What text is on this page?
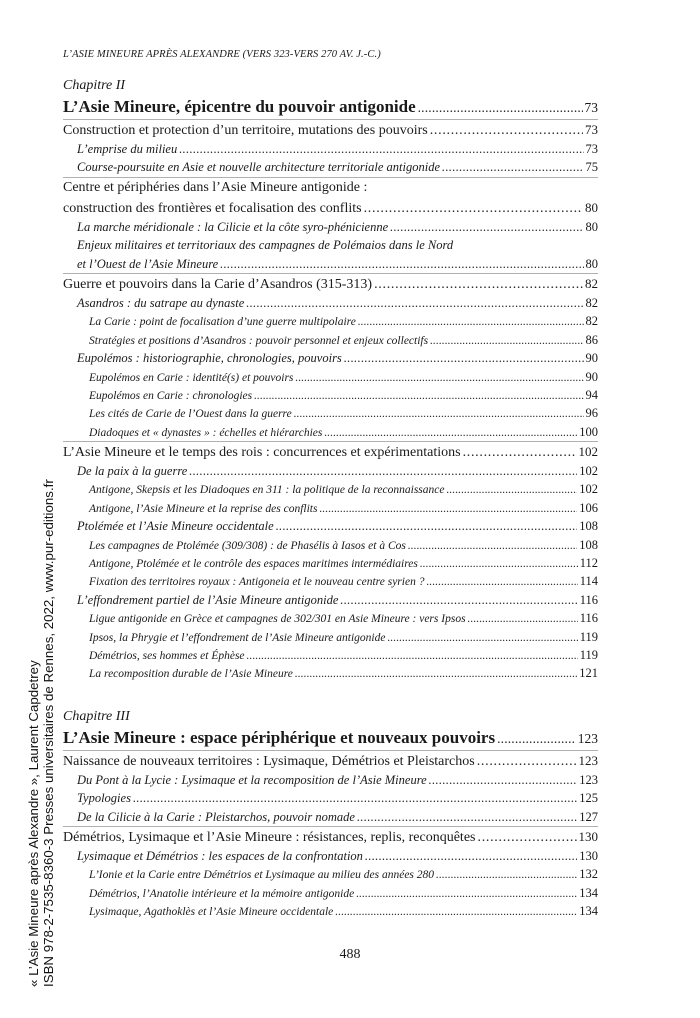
L’ASIE MINEURE APRÈS ALEXANDRE (VERS 323-VERS 270 AV. J.-C.)
Chapitre II
L’Asie Mineure, épicentre du pouvoir antigonide . . .	73
Construction et protection d’un territoire, mutations des pouvoirs . . .	73
L’emprise du milieu . . .	73
Course-poursuite en Asie et nouvelle architecture territoriale antigonide . . .	75
Centre et périphéries dans l’Asie Mineure antigonide :
construction des frontières et focalisation des conflits . . .	80
La marche méridionale : la Cilicie et la côte syro-phénicienne . . .	80
Enjeux militaires et territoriaux des campagnes de Polémaios dans le Nord
et l’Ouest de l’Asie Mineure . . .	80
Guerre et pouvoirs dans la Carie d’Asandros (315-313) . . .	82
Asandros : du satrape au dynaste . . .	82
La Carie : point de focalisation d’une guerre multipolaire . . .	82
Stratégies et positions d’Asandros : pouvoir personnel et enjeux collectifs . . .	86
Eupolémos : historiographie, chronologies, pouvoirs . . .	90
Eupolémos en Carie : identité(s) et pouvoirs . . .	90
Eupolémos en Carie : chronologies . . .	94
Les cités de Carie de l’Ouest dans la guerre . . .	96
Diadoques et « dynastes » : échelles et hiérarchies . . .	100
L’Asie Mineure et le temps des rois : concurrences et expérimentations . . .	102
De la paix à la guerre . . .	102
Antigone, Skepsis et les Diadoques en 311 : la politique de la reconnaissance . . .	102
Antigone, l’Asie Mineure et la reprise des conflits . . .	106
Ptolémée et l’Asie Mineure occidentale . . .	108
Les campagnes de Ptolémée (309/308) : de Phasélis à Iasos et à Cos . . .	108
Antigone, Ptolémée et le contrôle des espaces maritimes intermédiaires . . .	112
Fixation des territoires royaux : Antigoneia et le nouveau centre syrien ? . . .	114
L’effondrement partiel de l’Asie Mineure antigonide . . .	116
Ligue antigonide en Grèce et campagnes de 302/301 en Asie Mineure : vers Ipsos . . .	116
Ipsos, la Phrygie et l’effondrement de l’Asie Mineure antigonide . . .	119
Démétrios, ses hommes et Éphèse . . .	119
La recomposition durable de l’Asie Mineure . . .	121
Chapitre III
L’Asie Mineure : espace périphérique et nouveaux pouvoirs . . .	123
Naissance de nouveaux territoires : Lysimaque, Démétrios et Pleistarchos . . .	123
Du Pont à la Lycie : Lysimaque et la recomposition de l’Asie Mineure . . .	123
Typologies . . .	125
De la Cilicie à la Carie : Pleistarchos, pouvoir nomade . . .	127
Démétrios, Lysimaque et l’Asie Mineure : résistances, replis, reconquêtes . . .	130
Lysimaque et Démétrios : les espaces de la confrontation . . .	130
L’Ionie et la Carie entre Démétrios et Lysimaque au milieu des années 280 . . .	132
Démétrios, l’Anatolie intérieure et la mémoire antigonide . . .	134
Lysimaque, Agathoklès et l’Asie Mineure occidentale . . .	134
488
« L’Asie Mineure après Alexandre », Laurent Capdetrey ISBN 978-2-7535-8360-3 Presses universitaires de Rennes, 2022, www.pur-editions.fr
